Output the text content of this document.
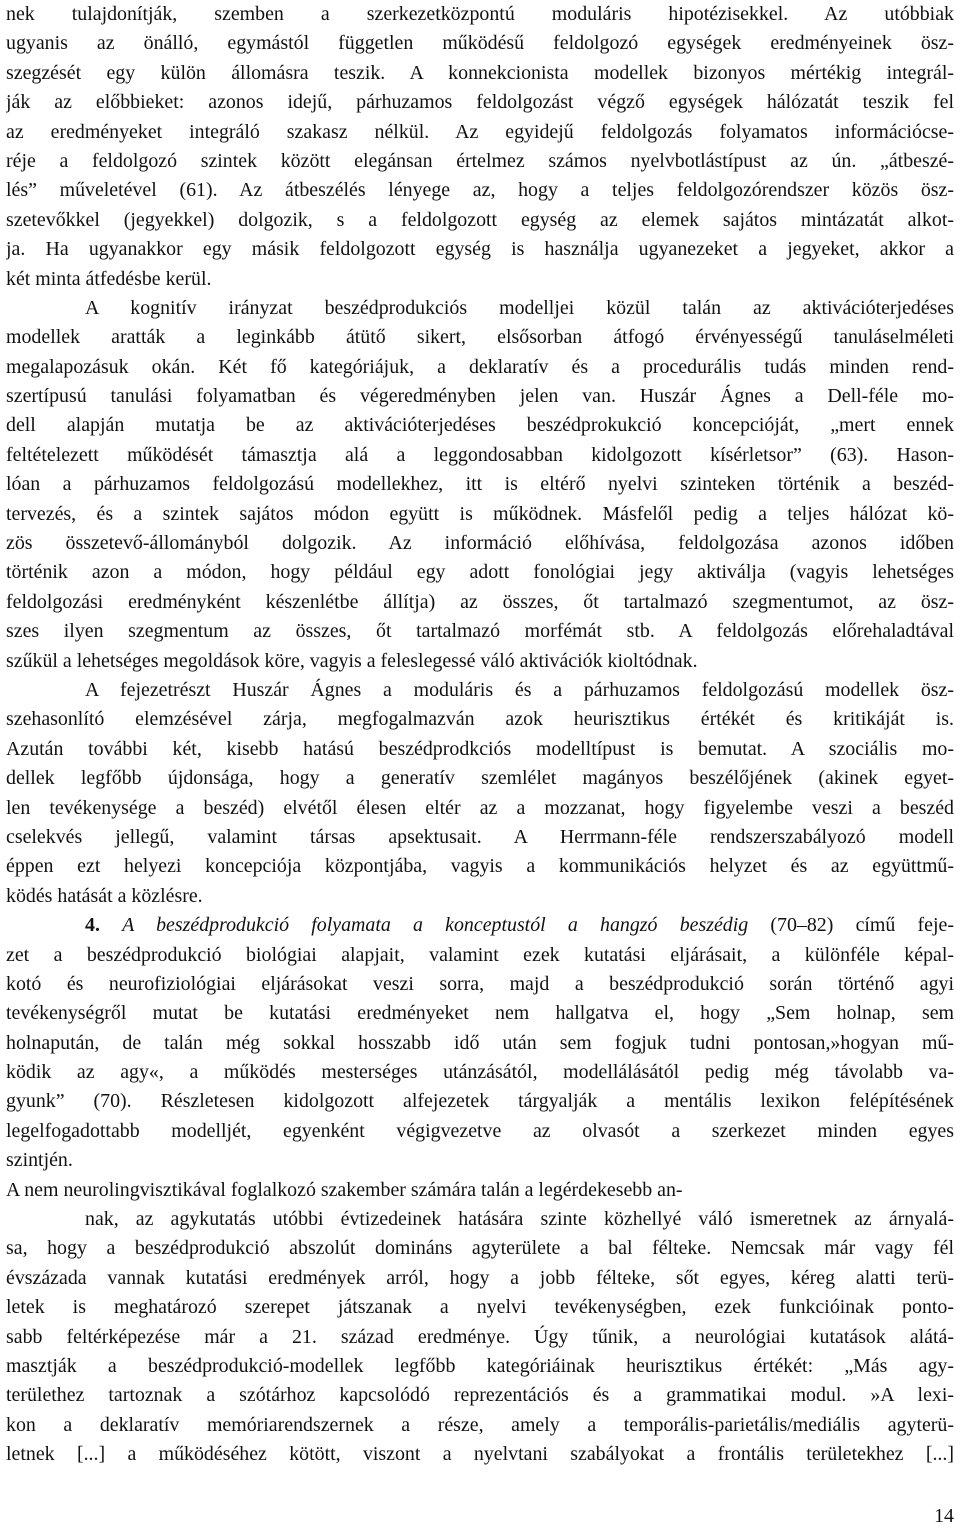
nek tulajdonítják, szemben a szerkezetközpontú moduláris hipotézisekkel. Az utóbbiak
ugyanis az önálló, egymástól független működésű feldolgozó egységek eredményeinek ösz-
szegzését egy külön állomásra teszik. A konnekcionista modellek bizonyos mértékig integrál-
ják az előbbieket: azonos idejű, párhuzamos feldolgozást végző egységek hálózatát teszik fel
az eredményeket integráló szakasz nélkül. Az egyidejű feldolgozás folyamatos információcse-
réje a feldolgozó szintek között elegánsan értelmez számos nyelvbotlástípust az ún. „átbeszé-
lés” műveletével (61). Az átbeszélés lényege az, hogy a teljes feldolgozórendszer közös ösz-
szetevőkkel (jegyekkel) dolgozik, s a feldolgozott egység az elemek sajátos mintázatát alkot-
ja. Ha ugyanakkor egy másik feldolgozott egység is használja ugyanezeket a jegyeket, akkor a
két minta átfedésbe kerül.
A kognitív irányzat beszédprodukciós modelljei közül talán az aktivációterjedéses
modellek aratták a leginkább átütő sikert, elsősorban átfogó érvényességű tanuláselméleti
megalapozásuk okán. Két fő kategóriájuk, a deklaratív és a procedurális tudás minden rend-
szertípusú tanulási folyamatban és végeredményben jelen van. Huszár Ágnes a Dell-féle mo-
dell alapján mutatja be az aktivációterjedéses beszédprokukció koncepcióját, „mert ennek
feltételezett működését támasztja alá a leggondosabban kidolgozott kísérletsor” (63). Hason-
lóan a párhuzamos feldolgozású modellekhez, itt is eltérő nyelvi szinteken történik a beszéd-
tervezés, és a szintek sajátos módon együtt is működnek. Másfelől pedig a teljes hálózat kö-
zös összetevő-állományból dolgozik. Az információ előhívása, feldolgozása azonos időben
történik azon a módon, hogy például egy adott fonológiai jegy aktiválja (vagyis lehetséges
feldolgozási eredményként készenlétbe állítja) az összes, őt tartalmazó szegmentumot, az ösz-
szes ilyen szegmentum az összes, őt tartalmazó morfémát stb. A feldolgozás előrehaladtával
szűkül a lehetséges megoldások köre, vagyis a feleslegessé váló aktivációk kioltódnak.
A fejezetrészt Huszár Ágnes a moduláris és a párhuzamos feldolgozású modellek ösz-
szehasonlító elemzésével zárja, megfogalmazván azok heurisztikus értékét és kritikáját is.
Azután további két, kisebb hatású beszédprodkciós modelltípust is bemutat. A szociális mo-
dellek legfőbb újdonsága, hogy a generatív szemlélet magányos beszélőjének (akinek egyet-
len tevékenysége a beszéd) elvétől élesen eltér az a mozzanat, hogy figyelembe veszi a beszéd
cselekvés jellegű, valamint társas apsektusait. A Herrmann-féle rendszerszabályozó modell
éppen ezt helyezi koncepciója központjába, vagyis a kommunikációs helyzet és az együttmű-
ködés hatását a közlésre.
4. A beszédprodukció folyamata a konceptustól a hangzó beszédig (70–82) című feje-
zet a beszédprodukció biológiai alapjait, valamint ezek kutatási eljárásait, a különféle képal-
kotó és neurofiziológiai eljárásokat veszi sorra, majd a beszédprodukció során történő agyi
tevékenységről mutat be kutatási eredményeket nem hallgatva el, hogy „Sem holnap, sem
holnapután, de talán még sokkal hosszabb idő után sem fogjuk tudni pontosan,»hogyan mű-
ködik az agy«, a működés mesterséges utánzásától, modellálásától pedig még távolabb va-
gyunk” (70). Részletesen kidolgozott alfejezetek tárgyalják a mentális lexikon felépítésének
legelfogadottabb modelljét, egyenként végigvezetve az olvasót a szerkezet minden egyes
szintjén.
A nem neurolingvisztikával foglalkozó szakember számára talán a legérdekesebb an-
nak, az agykutatás utóbbi évtizedeinek hatására szinte közhellyé váló ismeretnek az árnyalá-
sa, hogy a beszédprodukció abszolút domináns agyterülete a bal félteke. Nemcsak már vagy fél
évszázada vannak kutatási eredmények arról, hogy a jobb félteke, sőt egyes, kéreg alatti terü-
letek is meghatározó szerepet játszanak a nyelvi tevékenységben, ezek funkcióinak ponto-
sabb feltérképezése már a 21. század eredménye. Úgy tűnik, a neurológiai kutatások alátá-
masztják a beszédprodukció-modellek legfőbb kategóriáinak heurisztikus értékét: „Más agy-
területhez tartoznak a szótárhoz kapcsolódó reprezentációs és a grammatikai modul. »A lexi-
kon a deklaratív memóriarendszernek a része, amely a temporális-parietális/mediális agyterü-
letnek [...] a működéséhez kötött, viszont a nyelvtani szabályokat a frontális területekhez [...]
14
